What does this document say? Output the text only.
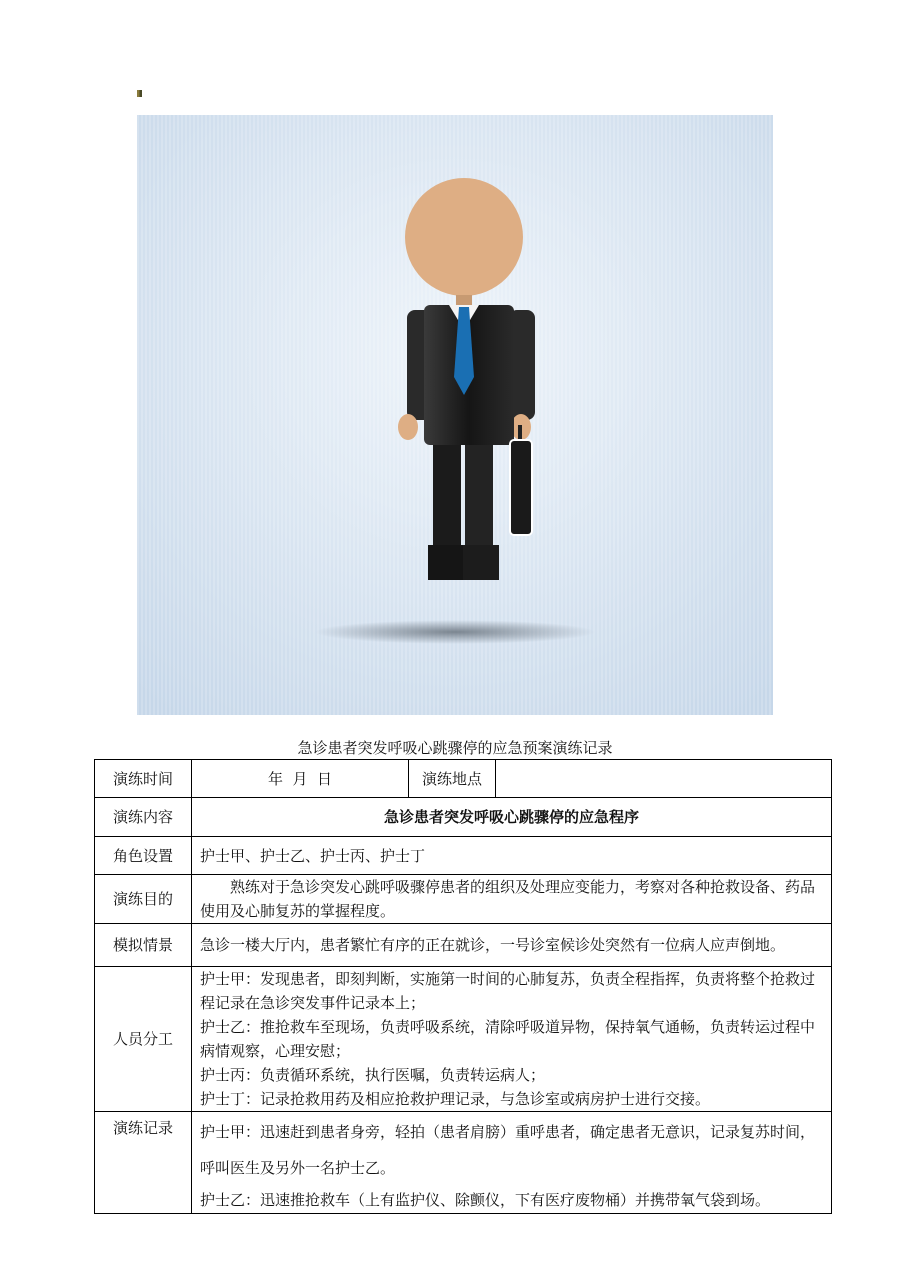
急诊患者突发呼吸心跳骤停的应急预案演练记录
演练时间	年  月  日	演练地点	
演练内容	急诊患者突发呼吸心跳骤停的应急程序		
角色设置	护士甲、护士乙、护士丙、护士丁		
演练目的	熟练对于急诊突发心跳呼吸骤停患者的组织及处理应变能力，考察对各种抢救设备、药品使用及心肺复苏的掌握程度。		
模拟情景	急诊一楼大厅内，患者繁忙有序的正在就诊，一号诊室候诊处突然有一位病人应声倒地。		
人员分工	护士甲：发现患者，即刻判断，实施第一时间的心肺复苏，负责全程指挥，负责将整个抢救过程记录在急诊突发事件记录本上；
护士乙：推抢救车至现场，负责呼吸系统，清除呼吸道异物，保持氧气通畅，负责转运过程中病情观察，心理安慰；
护士丙：负责循环系统，执行医嘱，负责转运病人；
护士丁：记录抢救用药及相应抢救护理记录，与急诊室或病房护士进行交接。		

演练记录	护士甲：迅速赶到患者身旁，轻拍（患者肩膀）重呼患者，确定患者无意识，记录复苏时间，呼叫医生及另外一名护士乙。
护士乙：迅速推抢救车（上有监护仪、除颤仪，下有医疗废物桶）并携带氧气袋到场。		
